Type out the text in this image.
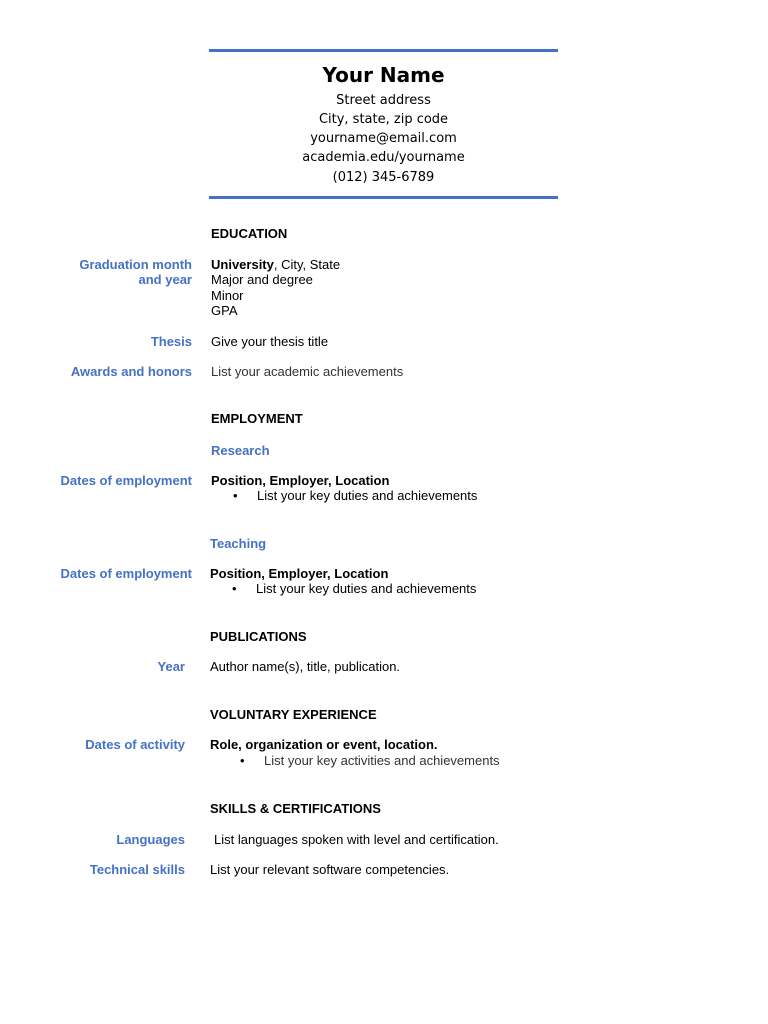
Your Name
Street address
City, state, zip code
yourname@email.com
academia.edu/yourname
(012) 345-6789
EDUCATION
Graduation month
and year
University, City, State
Major and degree
Minor
GPA
Thesis Give your thesis title
Awards and honors List your academic achievements
EMPLOYMENT
Research
Dates of employment Position, Employer, Location
• List your key duties and achievements
Teaching
Dates of employment Position, Employer, Location
• List your key duties and achievements
PUBLICATIONS
Year Author name(s), title, publication.
VOLUNTARY EXPERIENCE
Dates of activity Role, organization or event, location.
• List your key activities and achievements
SKILLS & CERTIFICATIONS
Languages List languages spoken with level and certification.
Technical skills List your relevant software competencies.
